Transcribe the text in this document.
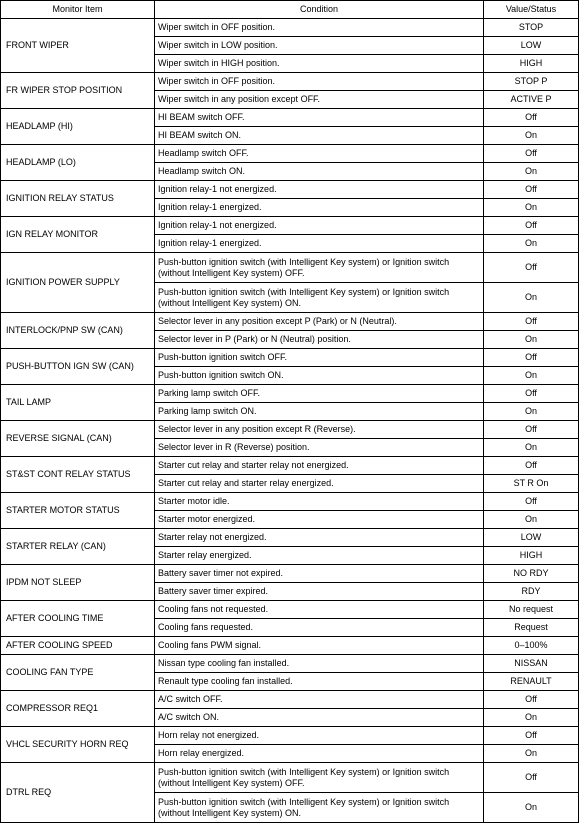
Monitor Item	Condition	Value/Status
FRONT WIPER	Wiper switch in OFF position.	STOP
	Wiper switch in LOW position.	LOW
	Wiper switch in HIGH position.	HIGH
FR WIPER STOP POSITION	Wiper switch in OFF position.	STOP P
	Wiper switch in any position except OFF.	ACTIVE P
HEADLAMP (HI)	HI BEAM switch OFF.	Off
	HI BEAM switch ON.	On
HEADLAMP (LO)	Headlamp switch OFF.	Off
	Headlamp switch ON.	On
IGNITION RELAY STATUS	Ignition relay-1 not energized.	Off
	Ignition relay-1 energized.	On
IGN RELAY MONITOR	Ignition relay-1 not energized.	Off
	Ignition relay-1 energized.	On
IGNITION POWER SUPPLY	Push-button ignition switch (with Intelligent Key system) or Ignition switch (without Intelligent Key system) OFF.	Off
	Push-button ignition switch (with Intelligent Key system) or Ignition switch (without Intelligent Key system) ON.	On
INTERLOCK/PNP SW (CAN)	Selector lever in any position except P (Park) or N (Neutral).	Off
	Selector lever in P (Park) or N (Neutral) position.	On
PUSH-BUTTON IGN SW (CAN)	Push-button ignition switch OFF.	Off
	Push-button ignition switch ON.	On
TAIL LAMP	Parking lamp switch OFF.	Off
	Parking lamp switch ON.	On
REVERSE SIGNAL (CAN)	Selector lever in any position except R (Reverse).	Off
	Selector lever in R (Reverse) position.	On
ST&ST CONT RELAY STATUS	Starter cut relay and starter relay not energized.	Off
	Starter cut relay and starter relay energized.	ST R On
STARTER MOTOR STATUS	Starter motor idle.	Off
	Starter motor energized.	On
STARTER RELAY (CAN)	Starter relay not energized.	LOW
	Starter relay energized.	HIGH
IPDM NOT SLEEP	Battery saver timer not expired.	NO RDY
	Battery saver timer expired.	RDY
AFTER COOLING TIME	Cooling fans not requested.	No request
	Cooling fans requested.	Request
AFTER COOLING SPEED	Cooling fans PWM signal.	0–100%
COOLING FAN TYPE	Nissan type cooling fan installed.	NISSAN
	Renault type cooling fan installed.	RENAULT
COMPRESSOR REQ1	A/C switch OFF.	Off
	A/C switch ON.	On
VHCL SECURITY HORN REQ	Horn relay not energized.	Off
	Horn relay energized.	On
DTRL REQ	Push-button ignition switch (with Intelligent Key system) or Ignition switch (without Intelligent Key system) OFF.	Off
	Push-button ignition switch (with Intelligent Key system) or Ignition switch (without Intelligent Key system) ON.	On
